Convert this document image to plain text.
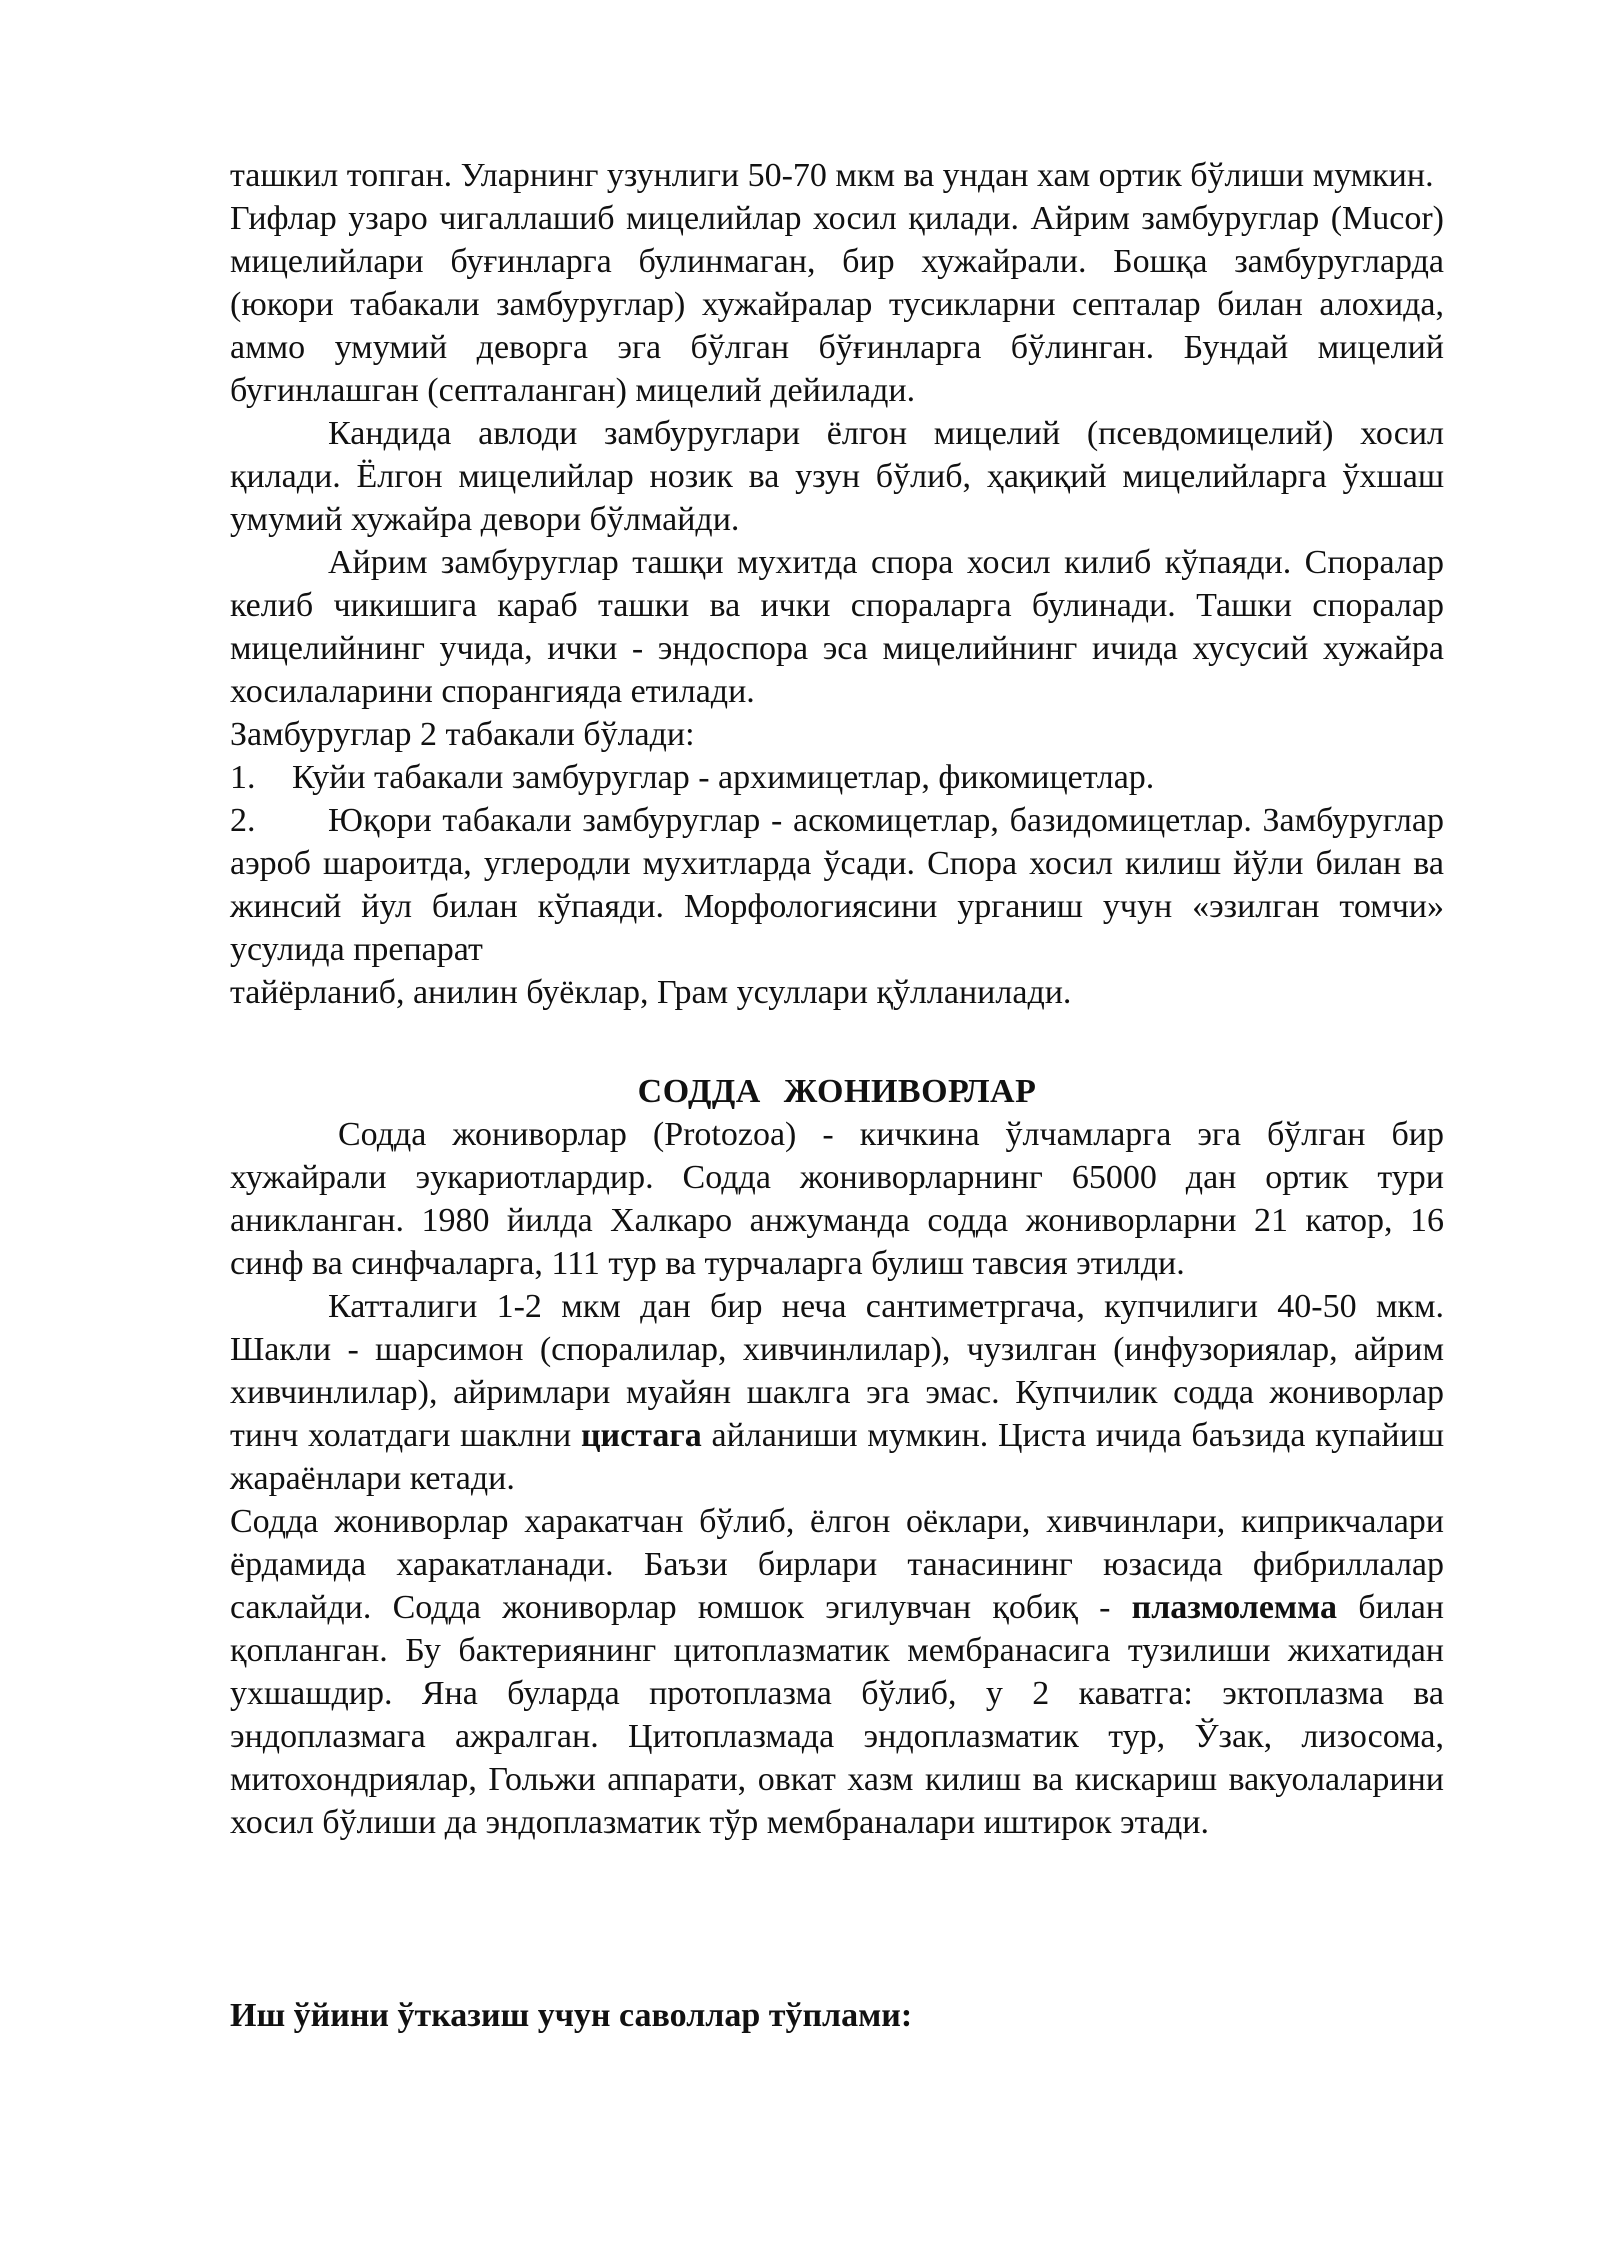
ташкил топган. Уларнинг узунлиги 50-70 мкм ва ундан хам ортик бўлиши мумкин.

Гифлар узаро чигаллашиб мицелийлар хосил қилади. Айрим замбуруглар (Mucor) мицелийлари буғинларга булинмаган, бир хужайрали. Бошқа замбуругларда (юкори табакали замбуруглар) хужайралар тусикларни септалар билан алохида, аммо умумий деворга эга бўлган бўғинларга бўлинган. Бундай мицелий бугинлашган (септаланган) мицелий дейилади.

Кандида авлоди замбуруглари ёлгон мицелий (псевдомицелий) хосил қилади. Ёлгон мицелийлар нозик ва узун бўлиб, ҳақиқий мицелийларга ўхшаш умумий хужайра девори бўлмайди.

Айрим замбуруглар ташқи мухитда спора хосил килиб кўпаяди. Споралар келиб чикишига караб ташки ва ички спораларга булинади. Ташки споралар мицелийнинг учида, ички - эндоспора эса мицелийнинг ичида хусусий хужайра хосилаларини спорангияда етилади.

Замбуруглар 2 табакали бўлади:

1. Куйи табакали замбуруглар - архимицетлар, фикомицетлар.

2. Юқори табакали замбуруглар - аскомицетлар, базидомицетлар. Замбуруглар аэроб шароитда, углеродли мухитларда ўсади. Спора хосил килиш йўли билан ва жинсий йул билан кўпаяди. Морфологиясини урганиш учун «эзилган томчи» усулида препарат

тайёрланиб, анилин буёклар, Грам усуллари қўлланилади.

СОДДА ЖОНИВОРЛАР

Содда жониворлар (Protozoa) - кичкина ўлчамларга эга бўлган бир хужайрали эукариотлардир. Содда жониворларнинг 65000 дан ортик тури аникланган. 1980 йилда Халкаро анжуманда содда жониворларни 21 катор, 16 синф ва синфчаларга, 111 тур ва турчаларга булиш тавсия этилди.

Катталиги 1-2 мкм дан бир неча сантиметргача, купчилиги 40-50 мкм. Шакли - шарсимон (споралилар, хивчинлилар), чузилган (инфузориялар, айрим хивчинлилар), айримлари муайян шаклга эга эмас. Купчилик содда жониворлар тинч холатдаги шаклни цистага айланиши мумкин. Циста ичида баъзида купайиш жараёнлари кетади.

Содда жониворлар харакатчан бўлиб, ёлгон оёклари, хивчинлари, киприкчалари ёрдамида харакатланади. Баъзи бирлари танасининг юзасида фибриллалар саклайди. Содда жониворлар юмшок эгилувчан қобиқ - плазмолемма билан қопланган. Бу бактериянинг цитоплазматик мембранасига тузилиши жихатидан ухшашдир. Яна буларда протоплазма бўлиб, у 2 каватга: эктоплазма ва эндоплазмага ажралган. Цитоплазмада эндоплазматик тур, Ўзак, лизосома, митохондриялар, Гольжи аппарати, овкат хазм килиш ва кискариш вакуолаларини хосил бўлиши да эндоплазматик тўр мембраналари иштирок этади.

Иш ўйини ўтказиш учун саволлар тўплами:
